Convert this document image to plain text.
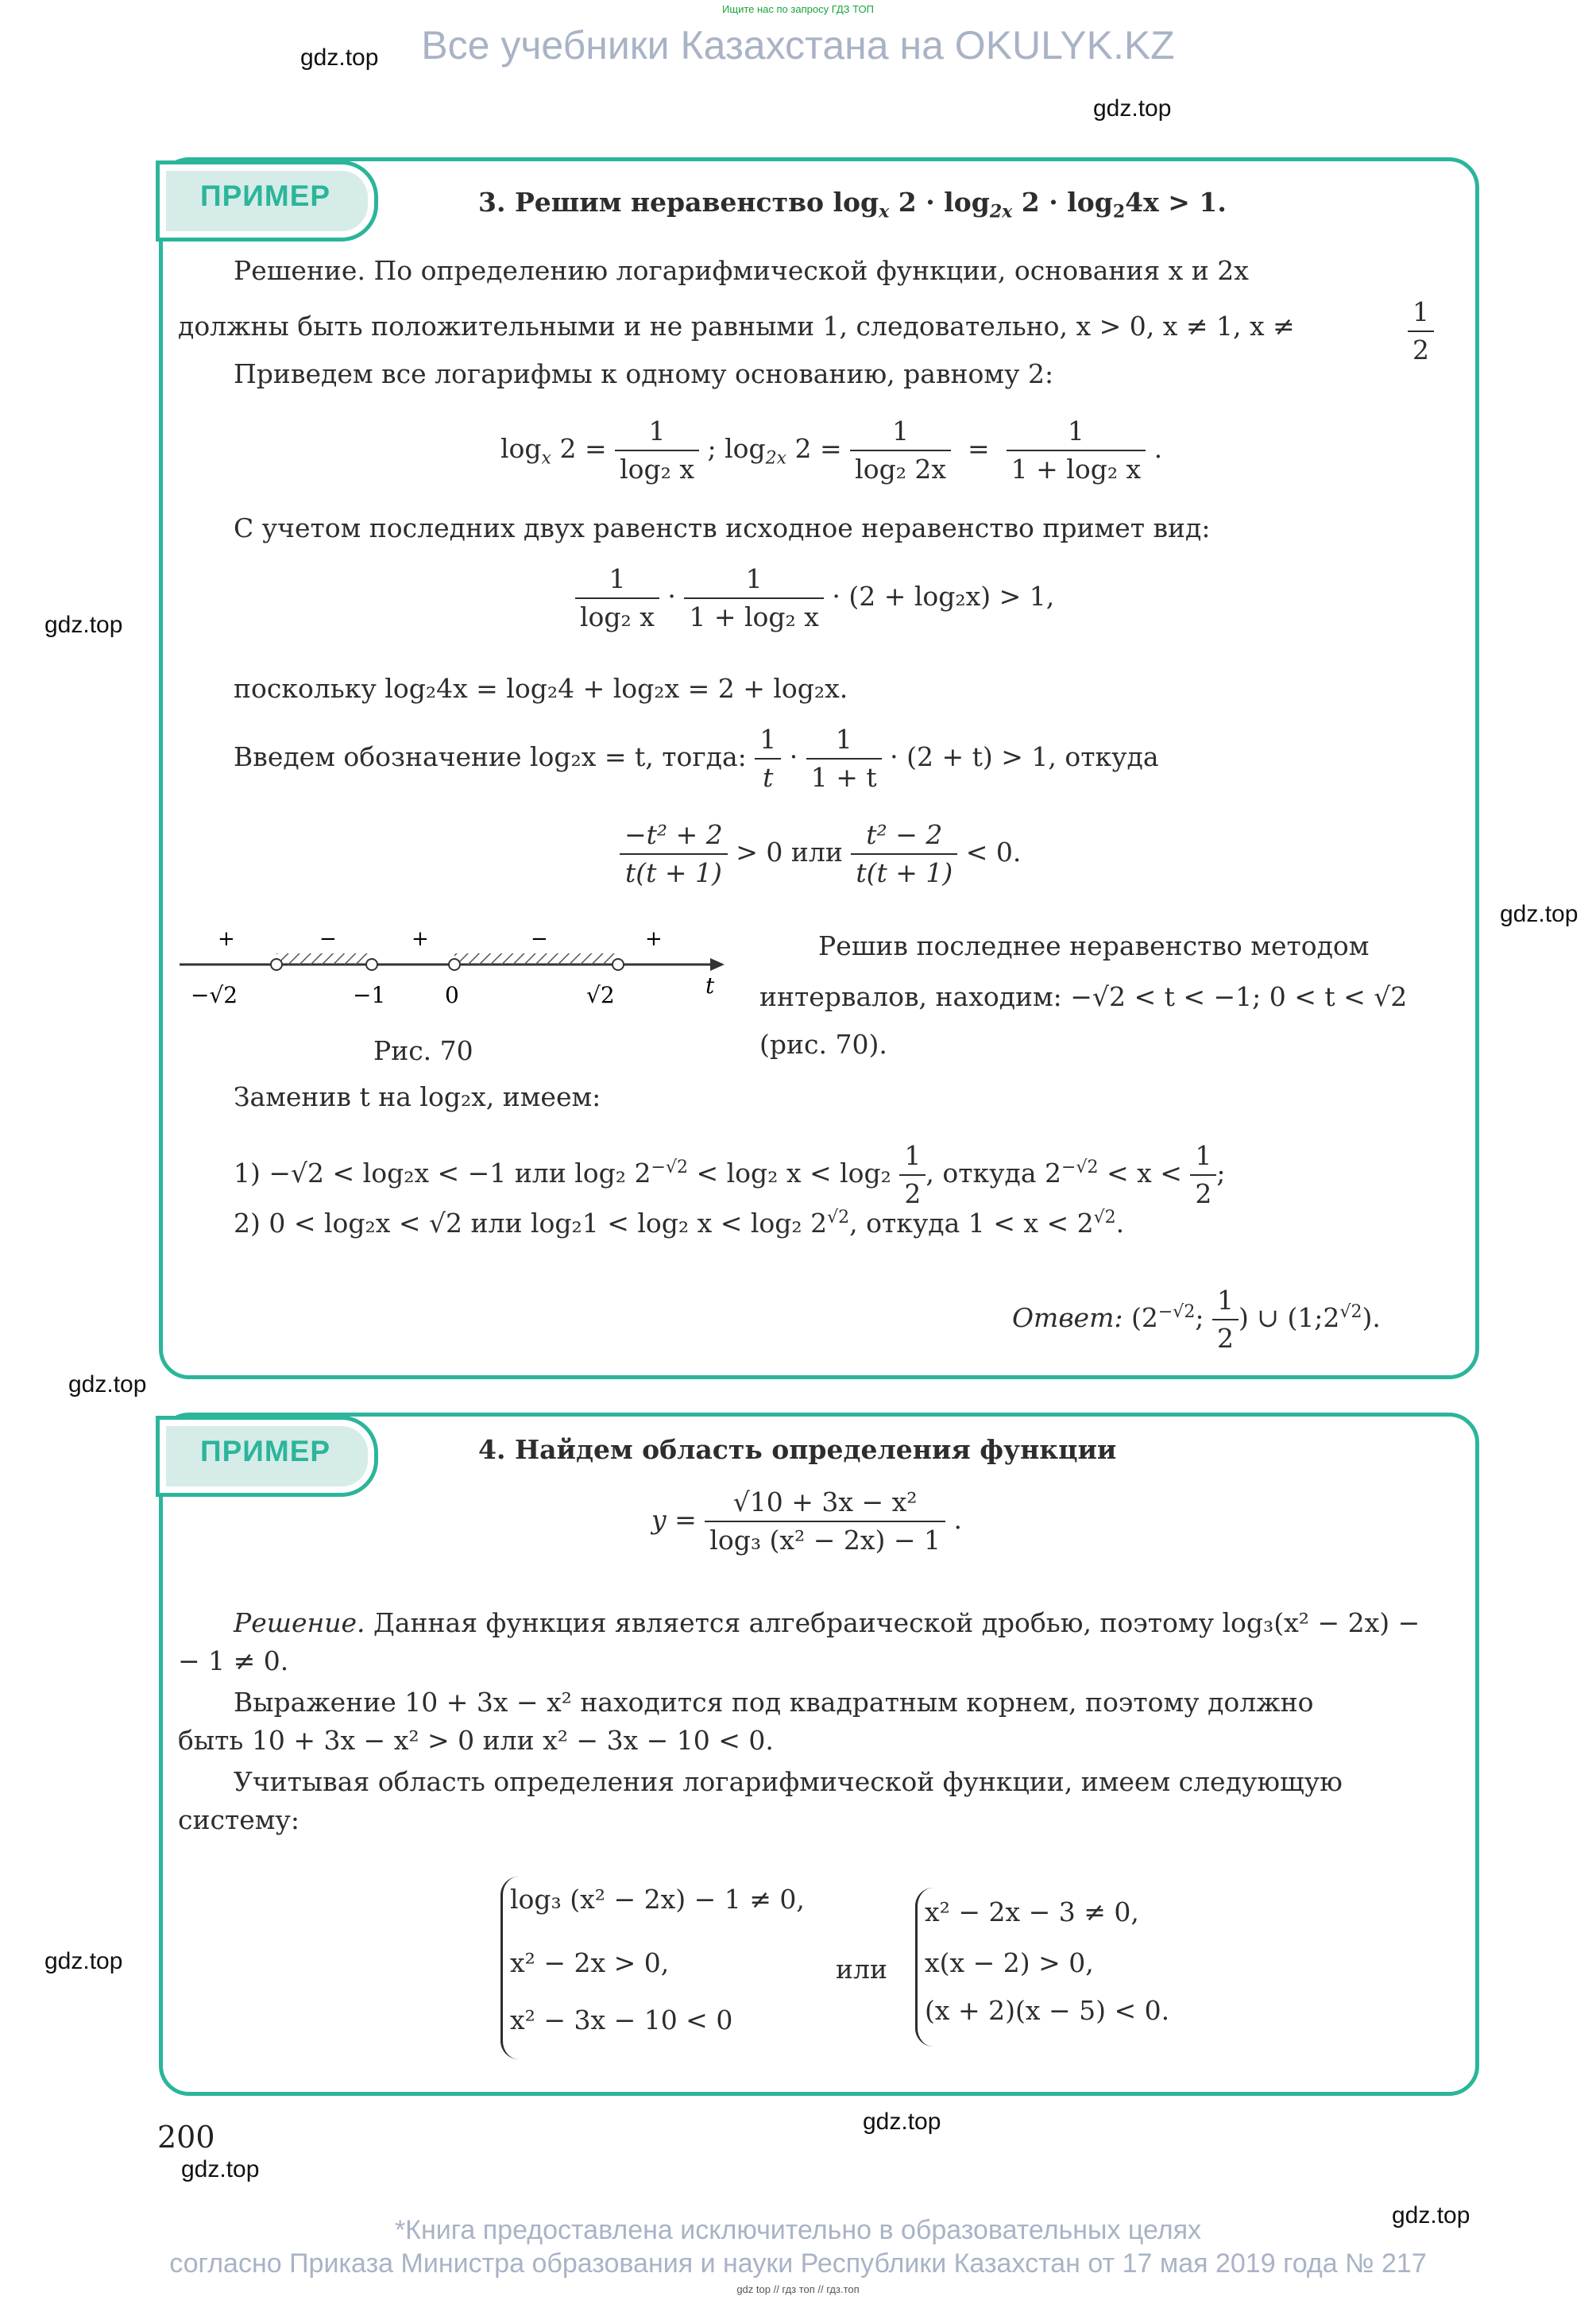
Ищите нас по запросу ГДЗ ТОП
Все учебники Казахстана на OKULYK.KZ
gdz.top
gdz.top
gdz.top
gdz.top
gdz.top
gdz.top
gdz.top
gdz.top
gdz.top
ПРИМЕР	3. Решим неравенство $\log_x 2 \cdot \log_{2x} 2 \cdot \log_24x > 1$.
Решение. По определению логарифмической функции, основания x и 2x
должны быть положительными и не равными 1, следовательно, x > 0, x ≠ 1, x ≠	$\frac{1}{2}$
Приведем все логарифмы к одному основанию, равному 2:
$\log_x 2 = \frac{1}{\text{log₂ x}}$ ; $\log_{2x} 2 = \frac{1}{\text{log₂ 2x}} = \frac{1}{\text{1 + log₂ x}}$ .
С учетом последних двух равенств исходное неравенство примет вид:
$\frac{1}{\text{log₂ x}} \cdot \frac{1}{\text{1 + log₂ x}} \cdot (2 + \log_2x) > 1$,
поскольку log₂4x = log₂4 + log₂x = 2 + log₂x.
Введем обозначение log₂x = t, тогда: $\frac{1}{t} \cdot \frac{1}{1 + t} \cdot (2 + t) > 1$, откуда
$\frac{\text{−t² + 2}}{t(t + 1)} > 0$ или $\frac{\text{t² − 2}}{t(t + 1)} < 0$.
+	−	+	−	+
−√2	−1	0	√2	t
Рис. 70
Решив последнее неравенство методом
интервалов, находим: −√2 < t < −1; 0 < t < √2
(рис. 70).
Заменив t на log₂x, имеем:
1) −√2 < log₂x < −1 или log₂ $2^{-√2} < \log_2$ $x < \log_2 \frac{1}{2}$ , откуда $2^{-√2} < x < \frac{1}{2}$ ;
2) 0 < log₂x < √2 или log₂1 < log₂ x < log₂ $2^{√2}$, откуда $1 < x < 2^{√2}$.
Ответ: ($2^{-√2}$; $\frac{1}{2}$ ) ∪ $(1;2^{√2})$.
ПРИМЕР	4. Найдем область определения функции
$y = \frac{\text{√10 + 3x − x²}}{\text{log₃ (x² − 2x) − 1}}$ .
Решение. Данная функция является алгебраической дробью, поэтому log₃(x² − 2x) −
− 1 ≠ 0.
Выражение 10 + 3x − x² находится под квадратным корнем, поэтому должно
быть 10 + 3x − x² > 0 или x² − 3x − 10 < 0.
Учитывая область определения логарифмической функции, имеем следующую
систему:
log₃ (x² − 2x) − 1 ≠ 0,
x² − 2x > 0,
x² − 3x − 10 < 0
или
x² − 2x − 3 ≠ 0,
x(x − 2) > 0,
(x + 2)(x − 5) < 0.
200
*Книга предоставлена исключительно в образовательных целях
согласно Приказа Министра образования и науки Республики Казахстан от 17 мая 2019 года № 217
gdz top // гдз топ // гдз.топ
